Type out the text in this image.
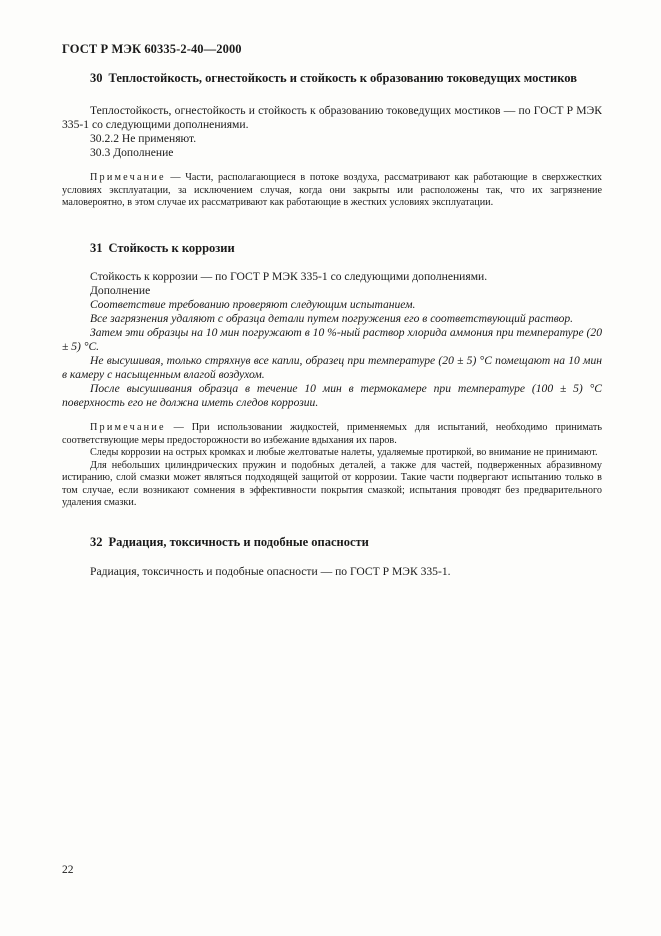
ГОСТ Р МЭК 60335-2-40—2000
30 Теплостойкость, огнестойкость и стойкость к образованию токоведущих мостиков

Теплостойкость, огнестойкость и стойкость к образованию токоведущих мостиков — по ГОСТ Р МЭК 335-1 со следующими дополнениями.

30.2.2 Не применяют.

30.3 Дополнение

Примечание — Части, располагающиеся в потоке воздуха, рассматривают как работающие в сверхжестких условиях эксплуатации, за исключением случая, когда они закрыты или расположены так, что их загрязнение маловероятно, в этом случае их рассматривают как работающие в жестких условиях эксплуатации.

31 Стойкость к коррозии

Стойкость к коррозии — по ГОСТ Р МЭК 335-1 со следующими дополнениями.

Дополнение

Соответствие требованию проверяют следующим испытанием.

Все загрязнения удаляют с образца детали путем погружения его в соответствующий раствор.

Затем эти образцы на 10 мин погружают в 10 %-ный раствор хлорида аммония при температуре (20 ± 5) °С.

Не высушивая, только стряхнув все капли, образец при температуре (20 ± 5) °С помещают на 10 мин в камеру с насыщенным влагой воздухом.

После высушивания образца в течение 10 мин в термокамере при температуре (100 ± 5) °С поверхность его не должна иметь следов коррозии.

Примечание — При использовании жидкостей, применяемых для испытаний, необходимо принимать соответствующие меры предосторожности во избежание вдыхания их паров.

Следы коррозии на острых кромках и любые желтоватые налеты, удаляемые протиркой, во внимание не принимают.

Для небольших цилиндрических пружин и подобных деталей, а также для частей, подверженных абразивному истиранию, слой смазки может являться подходящей защитой от коррозии. Такие части подвергают испытанию только в том случае, если возникают сомнения в эффективности покрытия смазкой; испытания проводят без предварительного удаления смазки.

32 Радиация, токсичность и подобные опасности

Радиация, токсичность и подобные опасности — по ГОСТ Р МЭК 335-1.

22
